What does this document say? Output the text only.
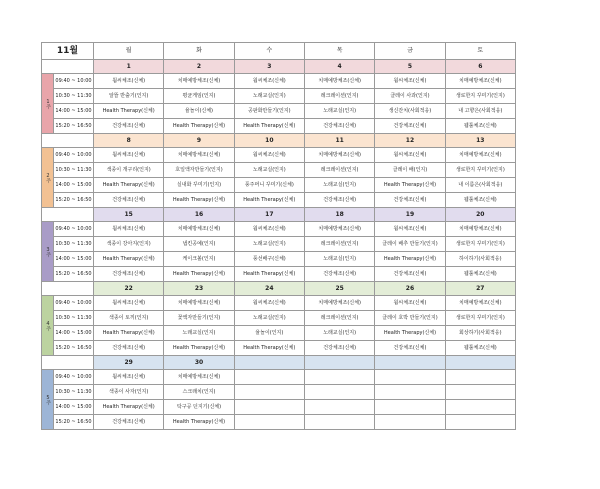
11월		월	화	수	목	금	토
		1	2	3	4	5	6
1주	09:40 ~ 10:00	웜씨체조(신체)	치매예방체조(신체)	웜씨체조(신체)	치매예방체조(신체)	웜씨체조(신체)	치매예방체조(신체)
	10:30 ~ 11:30	알뜰 반출기(인지)	평균게임(인지)	노래교실(인지)	레크레이션(인지)	클레이 사과(인지)	생로한지 꾸미기(인지)
	14:00 ~ 15:00	Health Therapy(신체)	율놀이(신체)	공판화만들기(인지)	노래교실(인지)	생신잔치(사회적응)	내 고향은(사회적응)
	15:20 ~ 16:50	건강체조(신체)	Health Therapy(신체)	Health Therapy(신체)	건강체조(신체)	건강체조(신체)	웹툴체조(신체)
		8	9	10	11	12	13
2주	09:40 ~ 10:00	웜씨체조(신체)	치매예방체조(신체)	웜씨체조(신체)	치매예방체조(신체)	웜씨체조(신체)	치매예방체조(신체)
	10:30 ~ 11:30	색종이 개구리(인지)	호일액자만들기(인지)	노래교실(인지)	레크레이션(인지)	클레이 배(인지)	생로한지 꾸미기(인지)
	14:00 ~ 15:00	Health Therapy(신체)	실내화 꾸미기(인지)	풍주머니 꾸미기(신체)	노래교실(인지)	Health Therapy(신체)	내 이름은(사회적응)
	15:20 ~ 16:50	건강체조(신체)	Health Therapy(신체)	Health Therapy(신체)	건강체조(신체)	건강체조(신체)	웹툴체조(신체)
		15	16	17	18	19	20
3주	09:40 ~ 10:00	웜씨체조(신체)	치매예방체조(신체)	웜씨체조(신체)	치매예방체조(신체)	웜씨체조(신체)	치매예방체조(신체)
	10:30 ~ 11:30	색종이 강아지(인지)	냅킨공예(인지)	노래교실(인지)	레크레이션(인지)	클레이 배추 만들기(인지)	생로한지 꾸미기(인지)
	14:00 ~ 15:00	Health Therapy(신체)	케이크볼(인지)	풍선배구(신체)	노래교실(인지)	Health Therapy(신체)	하이하기(사회적응)
	15:20 ~ 16:50	건강체조(신체)	Health Therapy(신체)	Health Therapy(신체)	건강체조(신체)	건강체조(신체)	웹툴체조(신체)
		22	23	24	25	26	27
4주	09:40 ~ 10:00	웜씨체조(신체)	치매예방체조(신체)	웜씨체조(신체)	치매예방체조(신체)	웜씨체조(신체)	치매예방체조(신체)
	10:30 ~ 11:30	색종이 토끼(인지)	꽃액자만들기(인지)	노래교실(인지)	레크레이션(인지)	클레이 호박 만들기(인지)	생로한지 꾸미기(인지)
	14:00 ~ 15:00	Health Therapy(신체)	노래교실(인지)	율놀이(인지)	노래교실(인지)	Health Therapy(신체)	회상하기(사회적응)
	15:20 ~ 16:50	건강체조(신체)	Health Therapy(신체)	Health Therapy(신체)	건강체조(신체)	건강체조(신체)	웹툴체조(신체)
		29	30				
5주	09:40 ~ 10:00	웜씨체조(신체)	치매예방체조(신체)				
	10:30 ~ 11:30	색종이 사자(인지)	스크래치(인지)				
	14:00 ~ 15:00	Health Therapy(신체)	탁구공 던지기(신체)				
	15:20 ~ 16:50	건강체조(신체)	Health Therapy(신체)				
